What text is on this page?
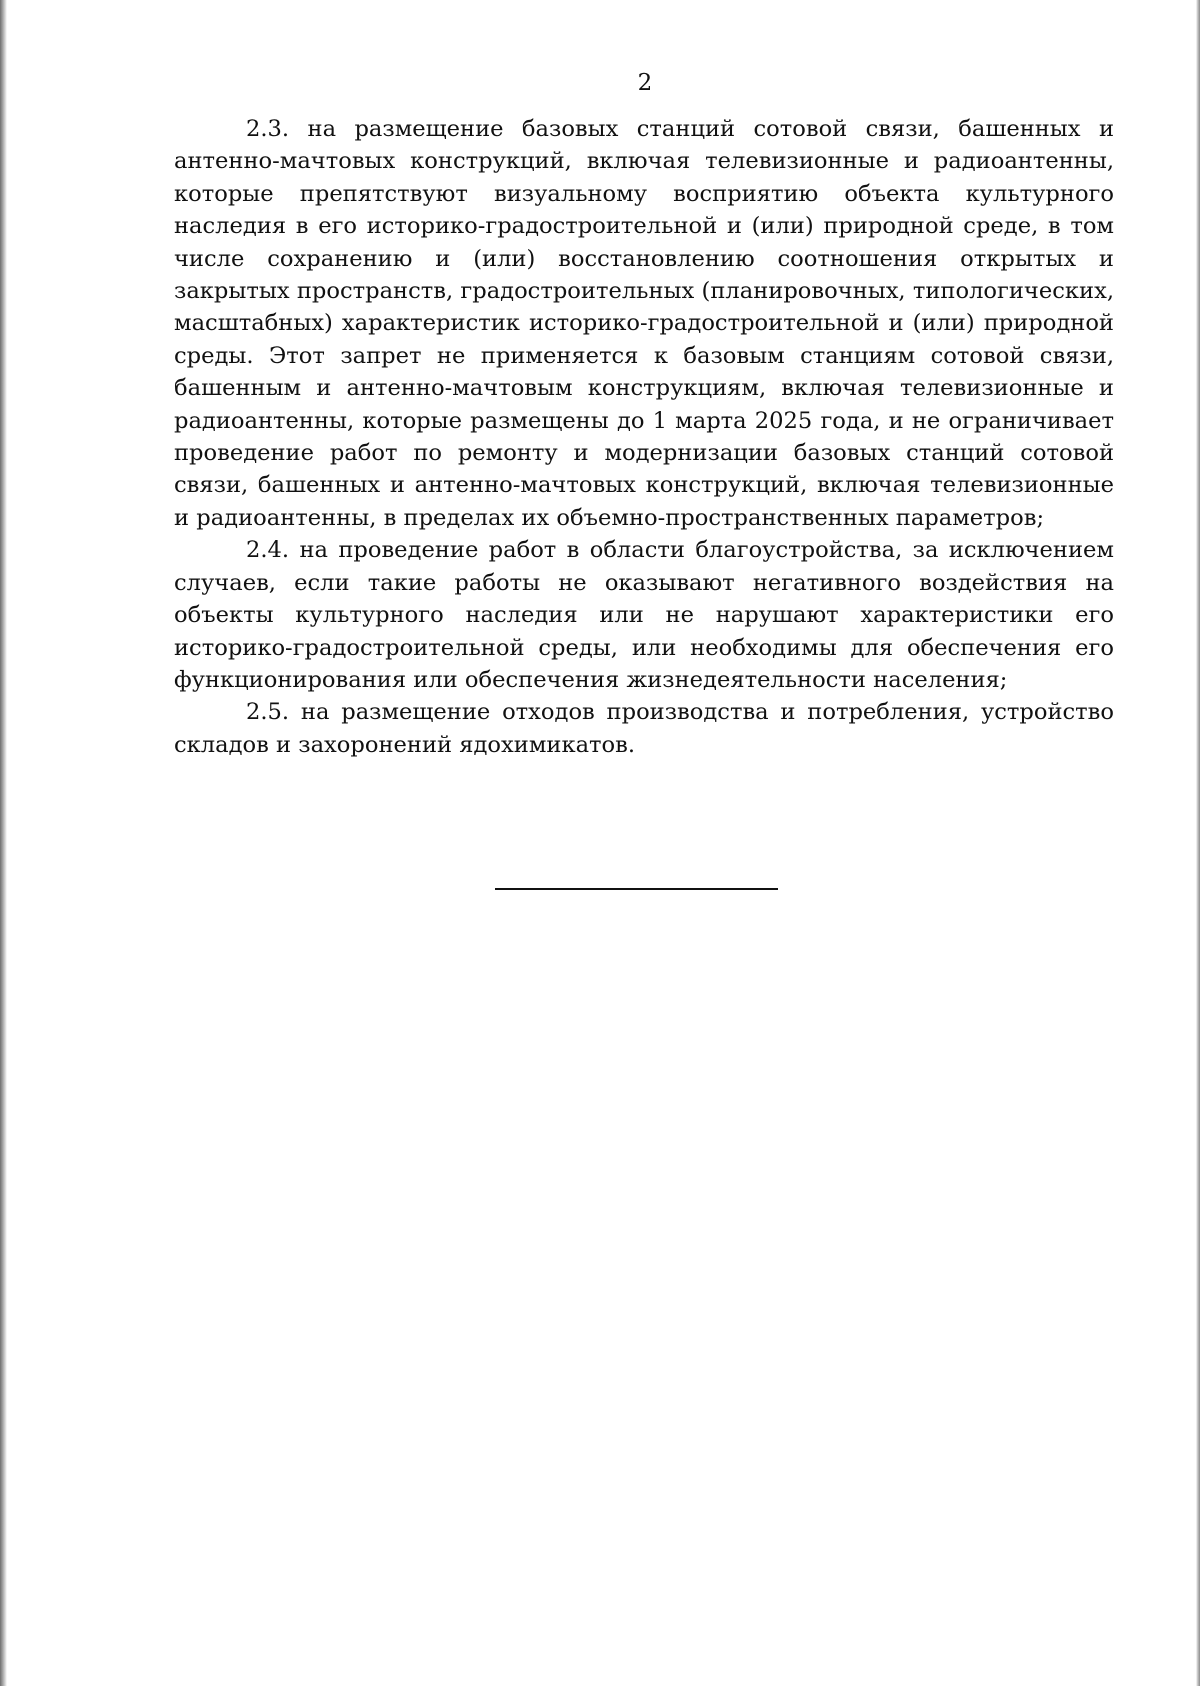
2

2.3. на размещение базовых станций сотовой связи, башенных и антенно-мачтовых конструкций, включая телевизионные и радиоантенны, которые препятствуют визуальному восприятию объекта культурного наследия в его историко-градостроительной и (или) природной среде, в том числе сохранению и (или) восстановлению соотношения открытых и закрытых пространств, градостроительных (планировочных, типологических, масштабных) характеристик историко-градостроительной и (или) природной среды. Этот запрет не применяется к базовым станциям сотовой связи, башенным и антенно-мачтовым конструкциям, включая телевизионные и радиоантенны, которые размещены до 1 марта 2025 года, и не ограничивает проведение работ по ремонту и модернизации базовых станций сотовой связи, башенных и антенно-мачтовых конструкций, включая телевизионные и радиоантенны, в пределах их объемно-пространственных параметров;

2.4. на проведение работ в области благоустройства, за исключением случаев, если такие работы не оказывают негативного воздействия на объекты культурного наследия или не нарушают характеристики его историко-градостроительной среды, или необходимы для обеспечения его функционирования или обеспечения жизнедеятельности населения;

2.5. на размещение отходов производства и потребления, устройство складов и захоронений ядохимикатов.
